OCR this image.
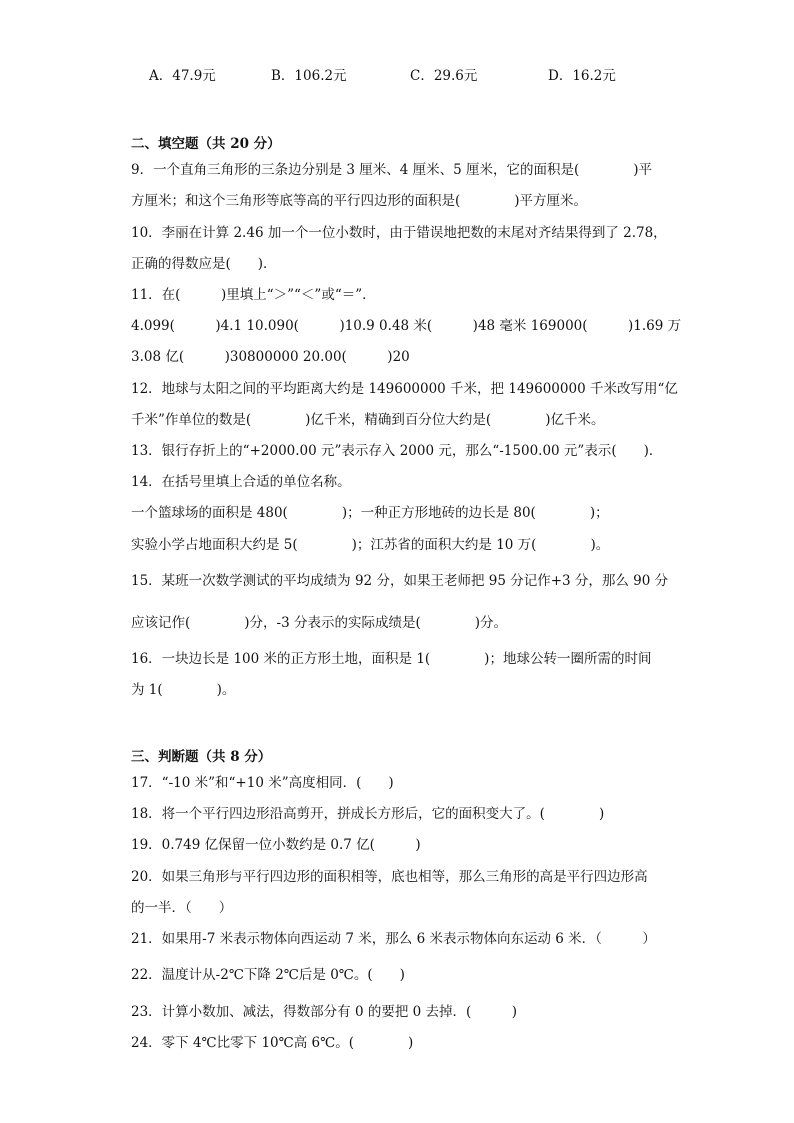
A．47.9元	B．106.2元	C．29.6元	D．16.2元
二、填空题（共 20 分）
9．一个直角三角形的三条边分别是 3 厘米、4 厘米、5 厘米，它的面积是(　　　　)平
方厘米；和这个三角形等底等高的平行四边形的面积是(　　　　)平方厘米。
10．李丽在计算 2.46 加一个一位小数时，由于错误地把数的末尾对齐结果得到了 2.78，
正确的得数应是(　　)．
11．在(　　　)里填上“＞”“＜”或“＝”．
4.099(　　　)4.1 10.090(　　　)10.9 0.48 米(　　　)48 毫米 169000(　　　)1.69 万
3.08 亿(　　　)30800000 20.00(　　　)20
12．地球与太阳之间的平均距离大约是 149600000 千米，把 149600000 千米改写用“亿
千米”作单位的数是(　　　　)亿千米，精确到百分位大约是(　　　　)亿千米。
13．银行存折上的“+2000.00 元”表示存入 2000 元，那么“-1500.00 元”表示(　　)．
14．在括号里填上合适的单位名称。
一个篮球场的面积是 480(　　　　)；一种正方形地砖的边长是 80(　　　　)；
实验小学占地面积大约是 5(　　　　)；江苏省的面积大约是 10 万(　　　　)。
15．某班一次数学测试的平均成绩为 92 分，如果王老师把 95 分记作+3 分，那么 90 分
应该记作(　　　　)分，-3 分表示的实际成绩是(　　　　)分。
16．一块边长是 100 米的正方形土地，面积是 1(　　　　)；地球公转一圈所需的时间
为 1(　　　　)。
三、判断题（共 8 分）
17．“-10 米”和“+10 米”高度相同．(　　)
18．将一个平行四边形沿高剪开，拼成长方形后，它的面积变大了。(　　　　)
19．0.749 亿保留一位小数约是 0.7 亿(　　　)
20．如果三角形与平行四边形的面积相等，底也相等，那么三角形的高是平行四边形高
的一半．（　　）
21．如果用-7 米表示物体向西运动 7 米，那么 6 米表示物体向东运动 6 米．（　　　）
22．温度计从-2℃下降 2℃后是 0℃。(　　)
23．计算小数加、减法，得数部分有 0 的要把 0 去掉．(　　　)
24．零下 4℃比零下 10℃高 6℃。(　　　　)
